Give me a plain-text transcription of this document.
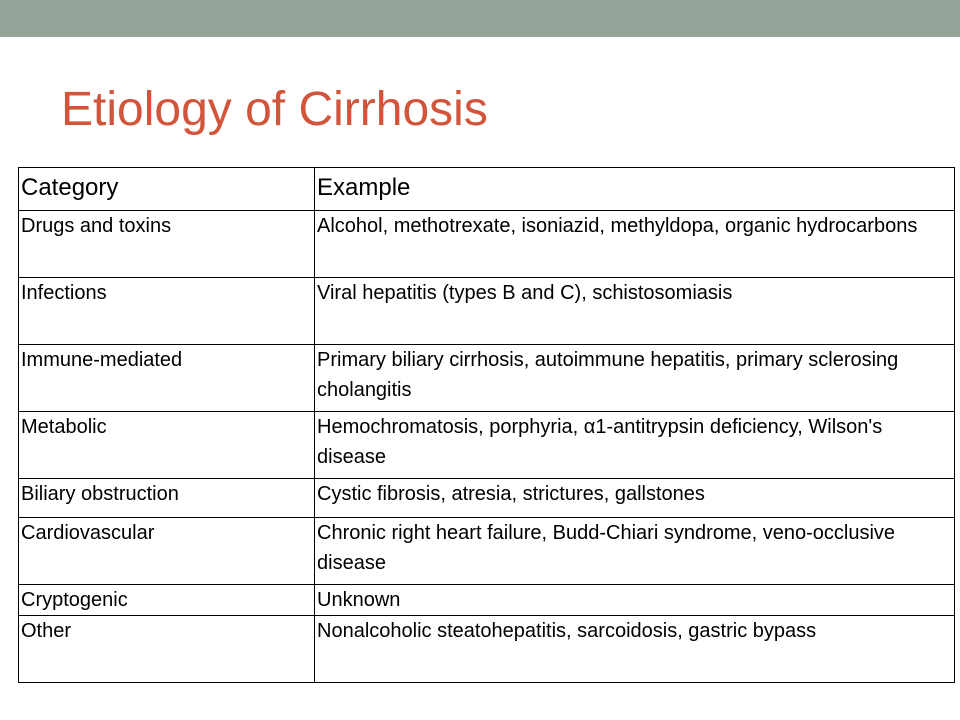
Etiology of Cirrhosis
Category	Example
Drugs and toxins	Alcohol, methotrexate, isoniazid, methyldopa, organic hydrocarbons
Infections	Viral hepatitis (types B and C), schistosomiasis
Immune-mediated	Primary biliary cirrhosis, autoimmune hepatitis, primary sclerosing cholangitis
Metabolic	Hemochromatosis, porphyria, α1-antitrypsin deficiency, Wilson's disease
Biliary obstruction	Cystic fibrosis, atresia, strictures, gallstones
Cardiovascular	Chronic right heart failure, Budd-Chiari syndrome, veno-occlusive disease
Cryptogenic	Unknown
Other	Nonalcoholic steatohepatitis, sarcoidosis, gastric bypass
